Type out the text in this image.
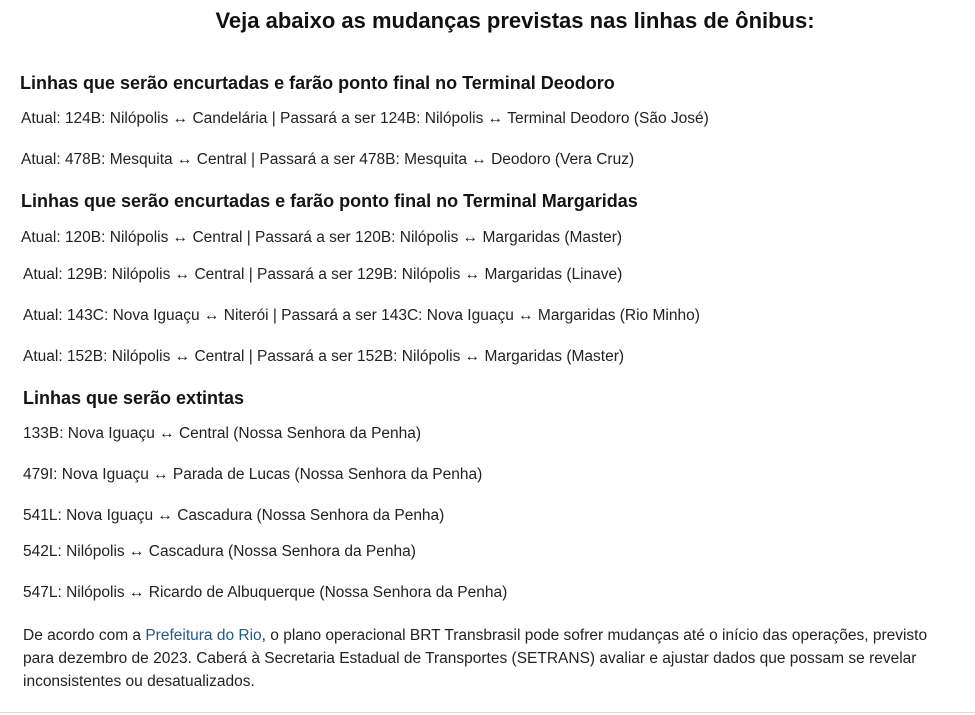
Veja abaixo as mudanças previstas nas linhas de ônibus:
Linhas que serão encurtadas e farão ponto final no Terminal Deodoro
Atual: 124B: Nilópolis ↔ Candelária | Passará a ser 124B: Nilópolis ↔ Terminal Deodoro (São José)
Atual: 478B: Mesquita ↔ Central | Passará a ser 478B: Mesquita ↔ Deodoro (Vera Cruz)
Linhas que serão encurtadas e farão ponto final no Terminal Margaridas
Atual: 120B: Nilópolis ↔ Central | Passará a ser 120B: Nilópolis ↔ Margaridas (Master)
Atual: 129B: Nilópolis ↔ Central | Passará a ser 129B: Nilópolis ↔ Margaridas (Linave)
Atual: 143C: Nova Iguaçu ↔ Niterói | Passará a ser 143C: Nova Iguaçu ↔ Margaridas (Rio Minho)
Atual: 152B: Nilópolis ↔ Central | Passará a ser 152B: Nilópolis ↔ Margaridas (Master)
Linhas que serão extintas
133B: Nova Iguaçu ↔ Central (Nossa Senhora da Penha)
479I: Nova Iguaçu ↔ Parada de Lucas (Nossa Senhora da Penha)
541L: Nova Iguaçu ↔ Cascadura (Nossa Senhora da Penha)
542L: Nilópolis ↔ Cascadura (Nossa Senhora da Penha)
547L: Nilópolis ↔ Ricardo de Albuquerque (Nossa Senhora da Penha)
De acordo com a Prefeitura do Rio, o plano operacional BRT Transbrasil pode sofrer mudanças até o início das operações, previsto para dezembro de 2023. Caberá à Secretaria Estadual de Transportes (SETRANS) avaliar e ajustar dados que possam se revelar inconsistentes ou desatualizados.
